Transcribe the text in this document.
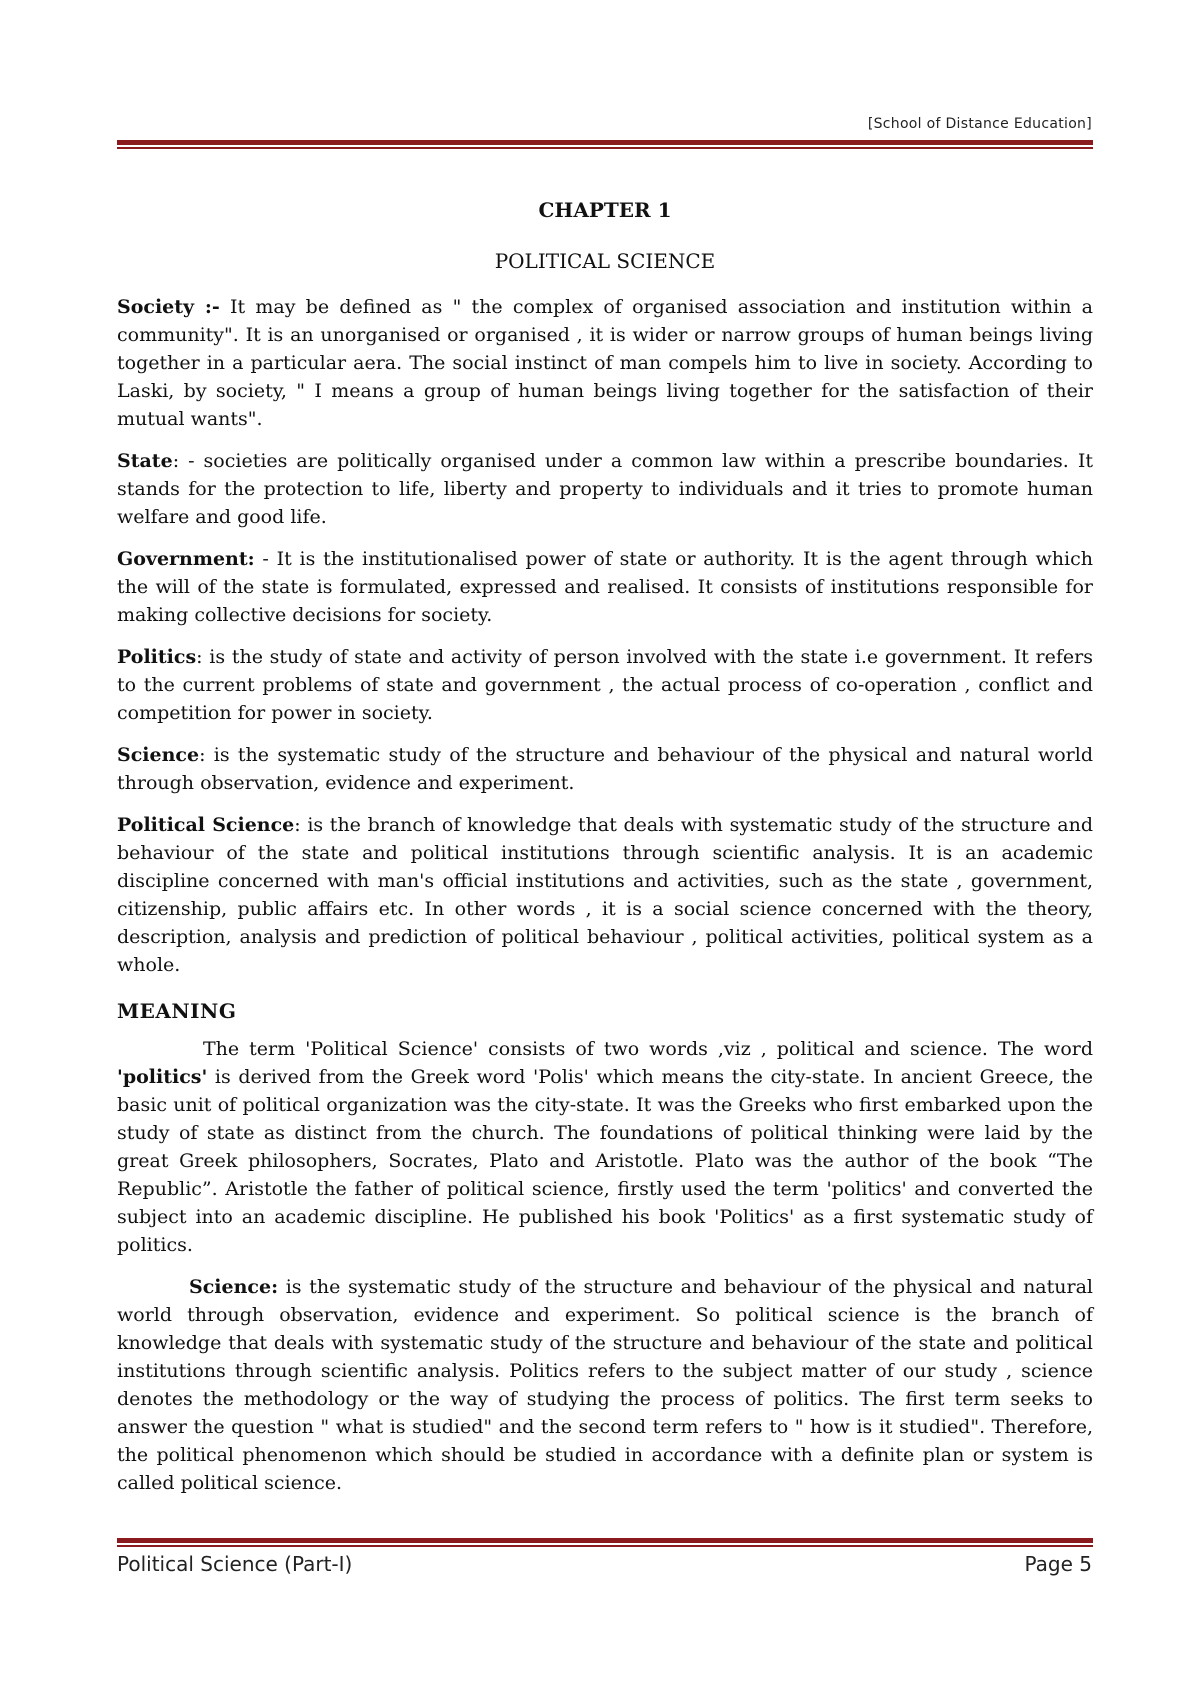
[School of Distance Education]
CHAPTER 1
POLITICAL SCIENCE

Society :- It may be defined as " the complex of organised association and institution within a community". It is an unorganised or organised , it is wider or narrow groups of human beings living together in a particular aera. The social instinct of man compels him to live in society. According to Laski, by society, " I means a group of human beings living together for the satisfaction of their mutual wants".

State: - societies are politically organised under a common law within a prescribe boundaries. It stands for the protection to life, liberty and property to individuals and it tries to promote human welfare and good life.

Government: - It is the institutionalised power of state or authority. It is the agent through which the will of the state is formulated, expressed and realised. It consists of institutions responsible for making collective decisions for society.

Politics: is the study of state and activity of person involved with the state i.e government. It refers to the current problems of state and government , the actual process of co-operation , conflict and competition for power in society.

Science: is the systematic study of the structure and behaviour of the physical and natural world through observation, evidence and experiment.

Political Science: is the branch of knowledge that deals with systematic study of the structure and behaviour of the state and political institutions through scientific analysis. It is an academic discipline concerned with man's official institutions and activities, such as the state , government, citizenship, public affairs etc. In other words , it is a social science concerned with the theory, description, analysis and prediction of political behaviour , political activities, political system as a whole.

MEANING

The term 'Political Science' consists of two words ,viz , political and science. The word 'politics' is derived from the Greek word 'Polis' which means the city-state. In ancient Greece, the basic unit of political organization was the city-state. It was the Greeks who first embarked upon the study of state as distinct from the church. The foundations of political thinking were laid by the great Greek philosophers, Socrates, Plato and Aristotle. Plato was the author of the book “The Republic”. Aristotle the father of political science, firstly used the term 'politics' and converted the subject into an academic discipline. He published his book 'Politics' as a first systematic study of politics.

Science: is the systematic study of the structure and behaviour of the physical and natural world through observation, evidence and experiment. So political science is the branch of knowledge that deals with systematic study of the structure and behaviour of the state and political institutions through scientific analysis. Politics refers to the subject matter of our study , science denotes the methodology or the way of studying the process of politics. The first term seeks to answer the question " what is studied" and the second term refers to " how is it studied". Therefore, the political phenomenon which should be studied in accordance with a definite plan or system is called political science.

Political Science (Part-I)	Page 5
